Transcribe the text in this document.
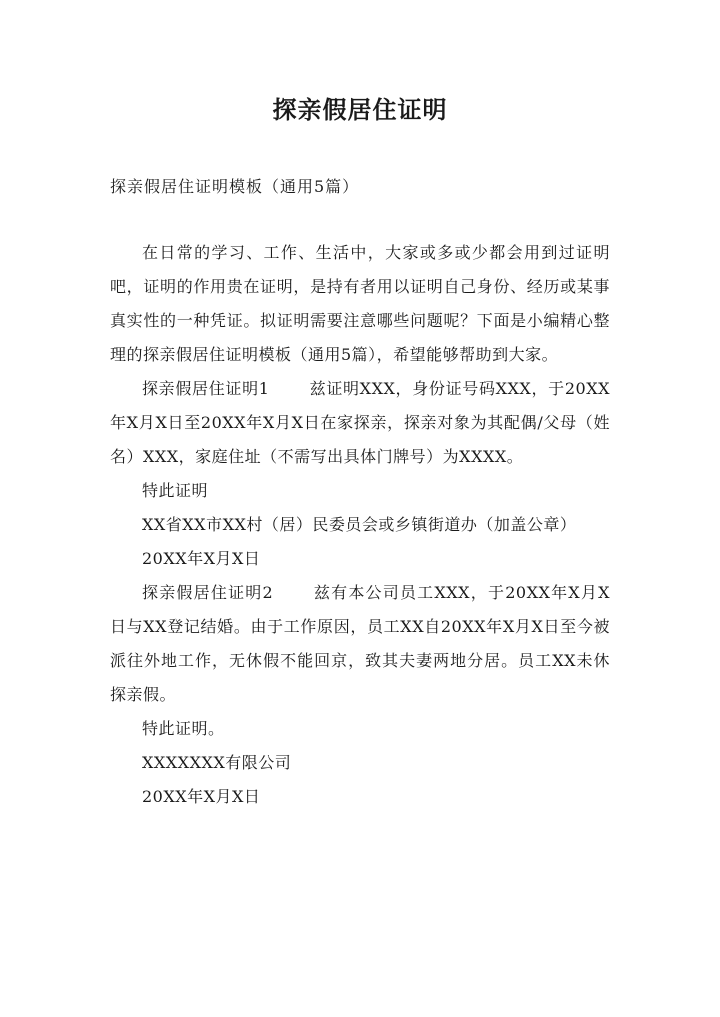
探亲假居住证明
探亲假居住证明模板（通用5篇）

在日常的学习、工作、生活中，大家或多或少都会用到过证明吧，证明的作用贵在证明，是持有者用以证明自己身份、经历或某事真实性的一种凭证。拟证明需要注意哪些问题呢？下面是小编精心整理的探亲假居住证明模板（通用5篇），希望能够帮助到大家。

探亲假居住证明1	兹证明XXX，身份证号码XXX，于20XX年X月X日至20XX年X月X日在家探亲，探亲对象为其配偶/父母（姓名）XXX，家庭住址（不需写出具体门牌号）为XXXX。

特此证明

XX省XX市XX村（居）民委员会或乡镇街道办（加盖公章）

20XX年X月X日

探亲假居住证明2	兹有本公司员工XXX，于20XX年X月X日与XX登记结婚。由于工作原因，员工XX自20XX年X月X日至今被派往外地工作，无休假不能回京，致其夫妻两地分居。员工XX未休探亲假。

特此证明。

XXXXXXX有限公司

20XX年X月X日
